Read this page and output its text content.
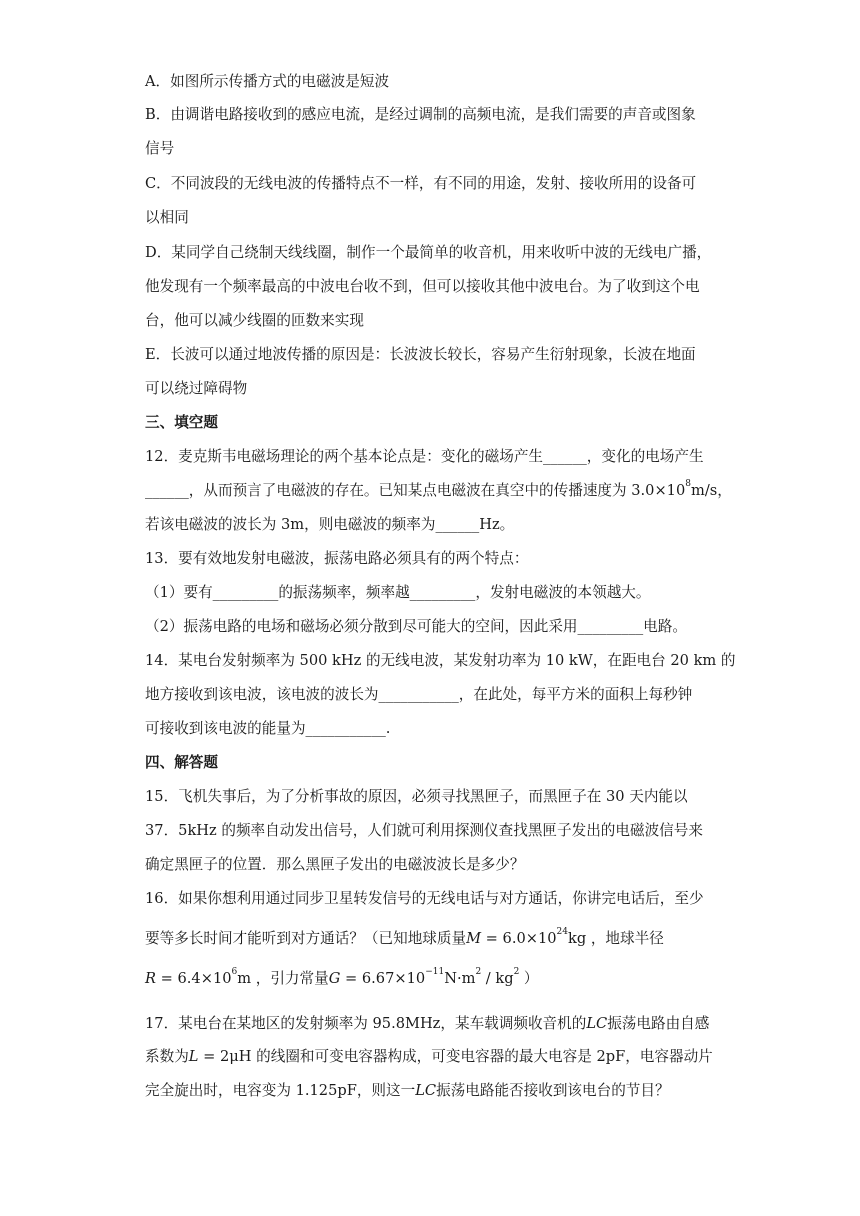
A．如图所示传播方式的电磁波是短波
B．由调谐电路接收到的感应电流，是经过调制的高频电流，是我们需要的声音或图象
信号
C．不同波段的无线电波的传播特点不一样，有不同的用途，发射、接收所用的设备可
以相同
D．某同学自己绕制天线线圈，制作一个最简单的收音机，用来收听中波的无线电广播，
他发现有一个频率最高的中波电台收不到，但可以接收其他中波电台。为了收到这个电
台，他可以减少线圈的匝数来实现
E．长波可以通过地波传播的原因是：长波波长较长，容易产生衍射现象，长波在地面
可以绕过障碍物
三、填空题
12．麦克斯韦电磁场理论的两个基本论点是：变化的磁场产生______，变化的电场产生
______，从而预言了电磁波的存在。已知某点电磁波在真空中的传播速度为 $3.0\times 10^8m/s$，
若该电磁波的波长为 3m，则电磁波的频率为______Hz。
13．要有效地发射电磁波，振荡电路必须具有的两个特点：
（1）要有_________的振荡频率，频率越_________，发射电磁波的本领越大。
（2）振荡电路的电场和磁场必须分散到尽可能大的空间，因此采用_________电路。
14．某电台发射频率为 500 kHz 的无线电波，某发射功率为 10 kW，在距电台 20 km 的
地方接收到该电波，该电波的波长为___________，在此处，每平方米的面积上每秒钟
可接收到该电波的能量为___________.
四、解答题
15．飞机失事后，为了分析事故的原因，必须寻找黑匣子，而黑匣子在 30 天内能以
37．5kHz 的频率自动发出信号，人们就可利用探测仪查找黑匣子发出的电磁波信号来
确定黑匣子的位置．那么黑匣子发出的电磁波波长是多少？
16．如果你想利用通过同步卫星转发信号的无线电话与对方通话，你讲完电话后，至少
要等多长时间才能听到对方通话？（已知地球质量$M = 6.0\times 10^{24}kg$ ，地球半径
$R = 6.4\times 10^6m$ ，引力常量$G = 6.67\times 10^{-11}N\cdot m^2 / kg^2$ ）
17．某电台在某地区的发射频率为 95.8MHz，某车载调频收音机的LC振荡电路由自感
系数为L = 2μH 的线圈和可变电容器构成，可变电容器的最大电容是 2pF，电容器动片
完全旋出时，电容变为 1.125pF，则这一LC振荡电路能否接收到该电台的节目？
